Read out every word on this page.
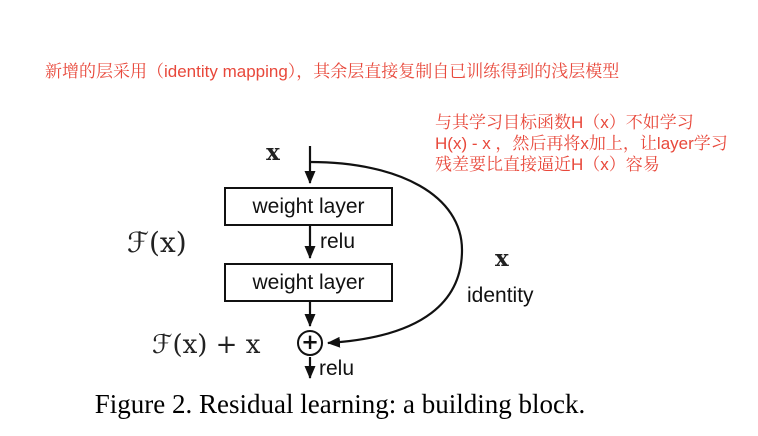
新增的层采用（identity mapping），其余层直接复制自已训练得到的浅层模型
与其学习目标函数H（x）不如学习
H(x) - x ，然后再将x加上，让layer学习
残差要比直接逼近H（x）容易
x
ℱ(x)
weight layer
relu
weight layer
ℱ(x) + x +
x
identity
relu
Figure 2. Residual learning: a building block.
